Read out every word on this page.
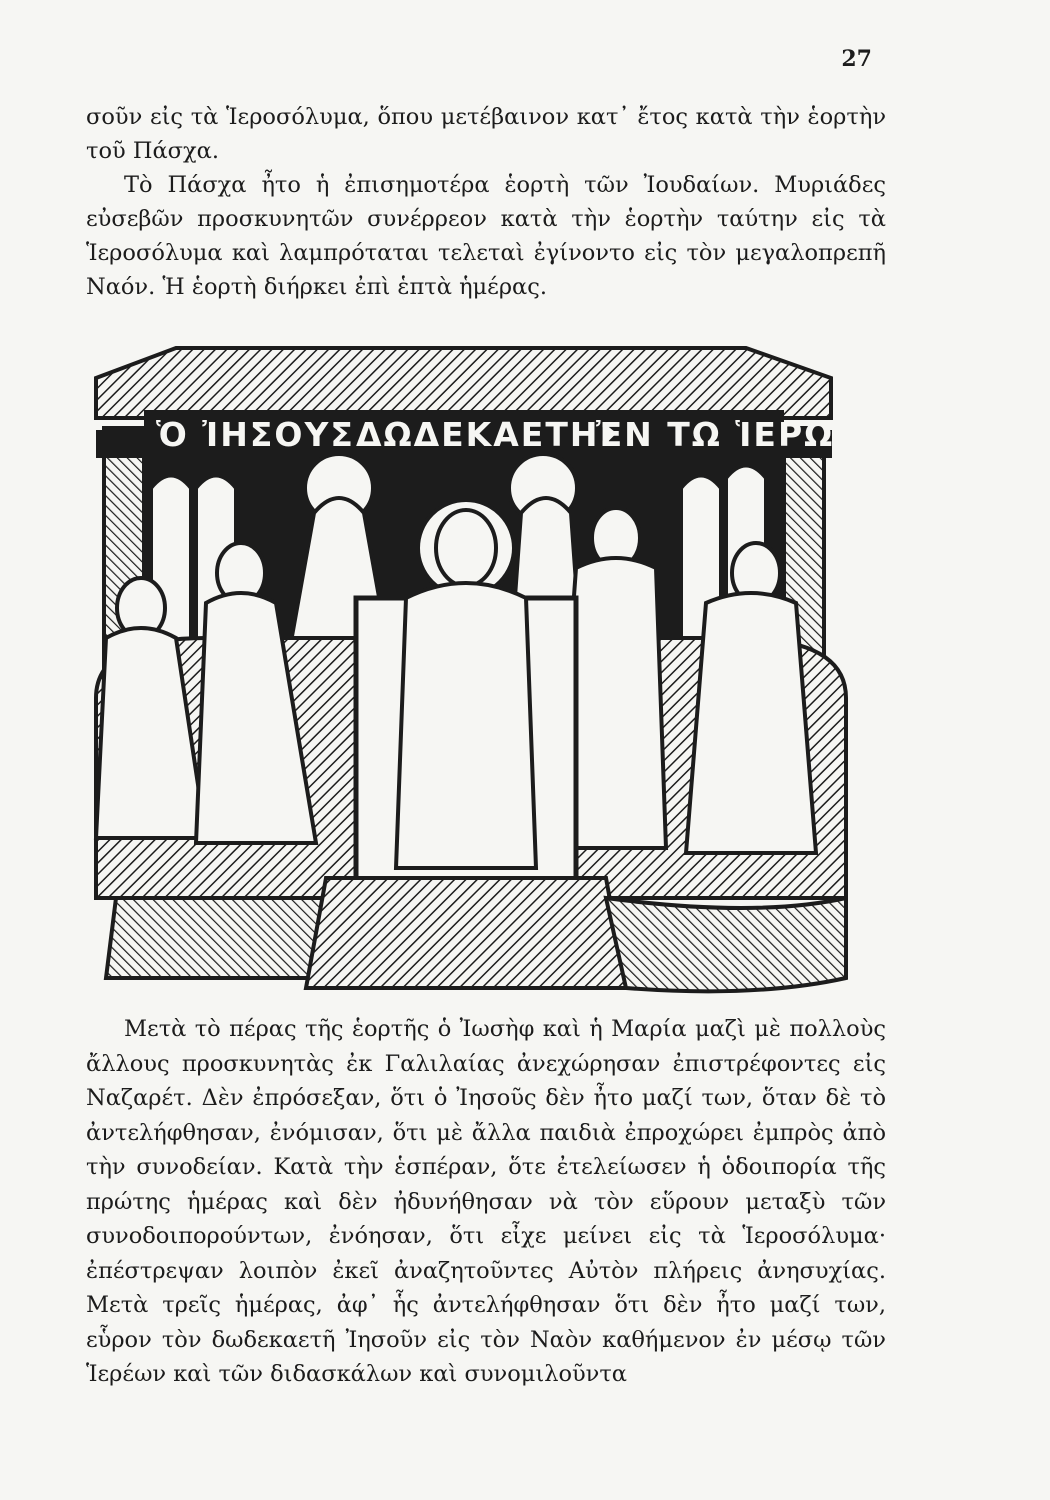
27

σοῦν εἰς τὰ Ἱεροσόλυμα, ὅπου μετέβαινον κατ᾽ ἔτος κατὰ τὴν ἑορτὴν τοῦ Πάσχα.

Τὸ Πάσχα ἦτο ἡ ἐπισημοτέρα ἑορτὴ τῶν Ἰουδαίων. Μυριάδες εὐσεβῶν προσκυνητῶν συνέρρεον κατὰ τὴν ἑορτὴν ταύτην εἰς τὰ Ἱεροσόλυμα καὶ λαμπρόταται τελεταὶ ἐγίνοντο εἰς τὸν μεγαλοπρεπῆ Ναόν. Ἡ ἑορτὴ διήρκει ἐπὶ ἑπτὰ ἡμέρας.

Ὁ ἸΗΣΟΥΣ ΔΩΔΕΚΑΕΤΗΣ
ἘΝ ΤΩ ἹΕΡΩ

Μετὰ τὸ πέρας τῆς ἑορτῆς ὁ Ἰωσὴφ καὶ ἡ Μαρία μαζὶ μὲ πολλοὺς ἄλλους προσκυνητὰς ἐκ Γαλιλαίας ἀνεχώρησαν ἐπιστρέφοντες εἰς Ναζαρέτ. Δὲν ἐπρόσεξαν, ὅτι ὁ Ἰησοῦς δὲν ἦτο μαζί των, ὅταν δὲ τὸ ἀντελήφθησαν, ἐνόμισαν, ὅτι μὲ ἄλλα παιδιὰ ἐπροχώρει ἐμπρὸς ἀπὸ τὴν συνοδείαν. Κατὰ τὴν ἑσπέραν, ὅτε ἐτελείωσεν ἡ ὁδοιπορία τῆς πρώτης ἡμέρας καὶ δὲν ἠδυνήθησαν νὰ τὸν εὕρουν μεταξὺ τῶν συνοδοιπορούντων, ἐνόησαν, ὅτι εἶχε μείνει εἰς τὰ Ἱεροσόλυμα· ἐπέστρεψαν λοιπὸν ἐκεῖ ἀναζητοῦντες Αὐτὸν πλήρεις ἀνησυχίας. Μετὰ τρεῖς ἡμέρας, ἀφ᾽ ἧς ἀντελήφθησαν ὅτι δὲν ἦτο μαζί των, εὗρον τὸν δωδεκαετῆ Ἰησοῦν εἰς τὸν Ναὸν καθήμενον ἐν μέσῳ τῶν Ἱερέων καὶ τῶν διδασκάλων καὶ συνομιλοῦντα
